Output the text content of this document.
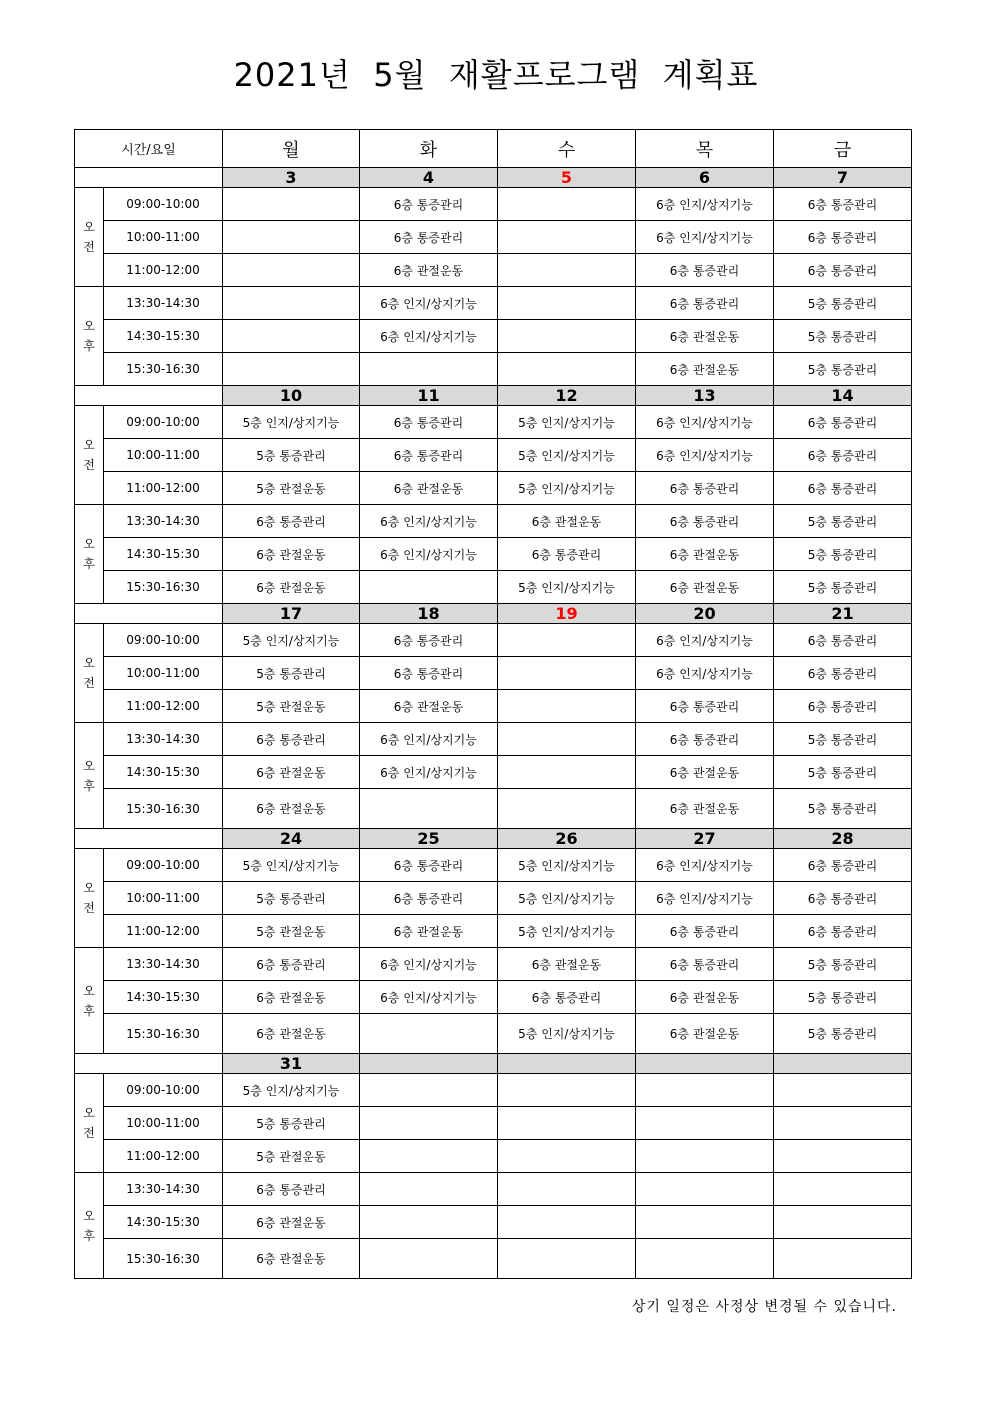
2021년  5월  재활프로그램  계획표
시간/요일		월	화	수	목	금
		3	4	5	6	7
오
전	09:00-10:00		6층 통증관리		6층 인지/상지기능	6층 통증관리
	10:00-11:00		6층 통증관리		6층 인지/상지기능	6층 통증관리
	11:00-12:00		6층 관절운동		6층 통증관리	6층 통증관리
오
후	13:30-14:30		6층 인지/상지기능		6층 통증관리	5층 통증관리
	14:30-15:30		6층 인지/상지기능		6층 관절운동	5층 통증관리
	15:30-16:30				6층 관절운동	5층 통증관리
		10	11	12	13	14
오
전	09:00-10:00	5층 인지/상지기능	6층 통증관리	5층 인지/상지기능	6층 인지/상지기능	6층 통증관리
	10:00-11:00	5층 통증관리	6층 통증관리	5층 인지/상지기능	6층 인지/상지기능	6층 통증관리
	11:00-12:00	5층 관절운동	6층 관절운동	5층 인지/상지기능	6층 통증관리	6층 통증관리
오
후	13:30-14:30	6층 통증관리	6층 인지/상지기능	6층 관절운동	6층 통증관리	5층 통증관리
	14:30-15:30	6층 관절운동	6층 인지/상지기능	6층 통증관리	6층 관절운동	5층 통증관리
	15:30-16:30	6층 관절운동		5층 인지/상지기능	6층 관절운동	5층 통증관리
		17	18	19	20	21
오
전	09:00-10:00	5층 인지/상지기능	6층 통증관리		6층 인지/상지기능	6층 통증관리
	10:00-11:00	5층 통증관리	6층 통증관리		6층 인지/상지기능	6층 통증관리
	11:00-12:00	5층 관절운동	6층 관절운동		6층 통증관리	6층 통증관리
오
후	13:30-14:30	6층 통증관리	6층 인지/상지기능		6층 통증관리	5층 통증관리
	14:30-15:30	6층 관절운동	6층 인지/상지기능		6층 관절운동	5층 통증관리
	15:30-16:30	6층 관절운동			6층 관절운동	5층 통증관리
		24	25	26	27	28
오
전	09:00-10:00	5층 인지/상지기능	6층 통증관리	5층 인지/상지기능	6층 인지/상지기능	6층 통증관리
	10:00-11:00	5층 통증관리	6층 통증관리	5층 인지/상지기능	6층 인지/상지기능	6층 통증관리
	11:00-12:00	5층 관절운동	6층 관절운동	5층 인지/상지기능	6층 통증관리	6층 통증관리
오
후	13:30-14:30	6층 통증관리	6층 인지/상지기능	6층 관절운동	6층 통증관리	5층 통증관리
	14:30-15:30	6층 관절운동	6층 인지/상지기능	6층 통증관리	6층 관절운동	5층 통증관리
	15:30-16:30	6층 관절운동		5층 인지/상지기능	6층 관절운동	5층 통증관리
		31				
오
전	09:00-10:00	5층 인지/상지기능				
	10:00-11:00	5층 통증관리				
	11:00-12:00	5층 관절운동				
오
후	13:30-14:30	6층 통증관리				
	14:30-15:30	6층 관절운동				
	15:30-16:30	6층 관절운동				
상기 일정은 사정상 변경될 수 있습니다.
